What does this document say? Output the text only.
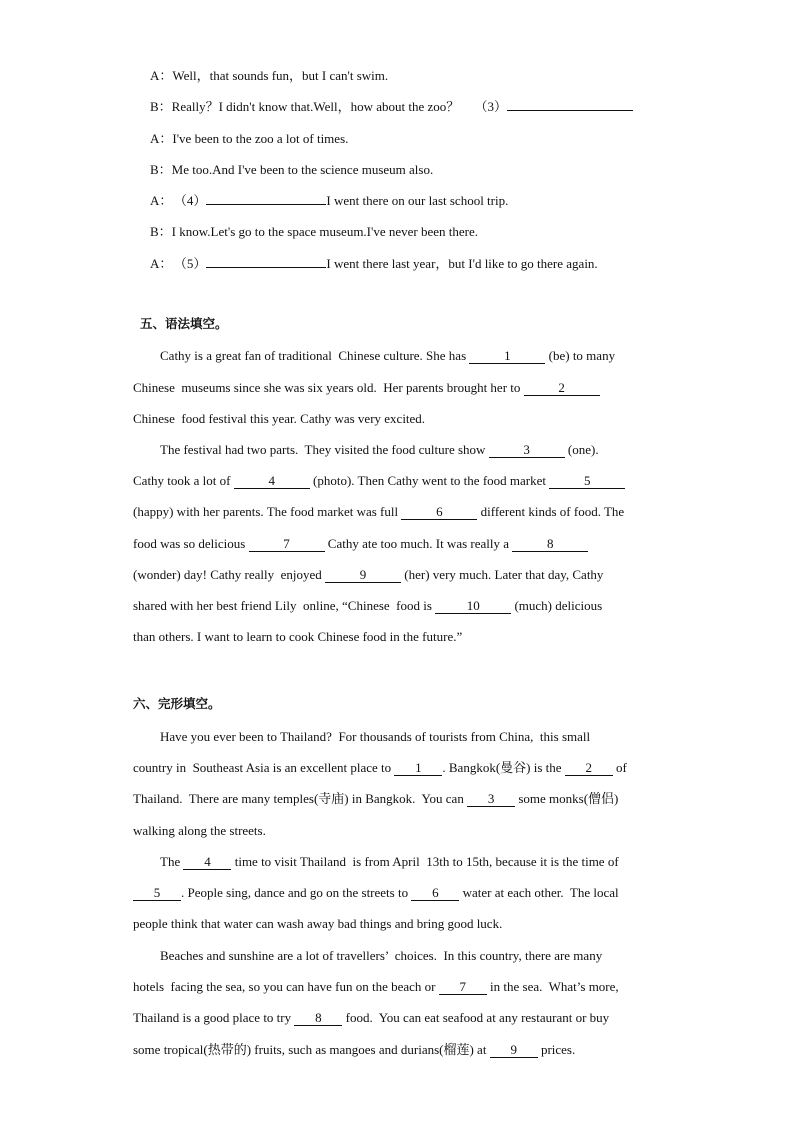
A：Well，that sounds fun，but I can't swim.
B：Really？I didn't know that.Well，how about the zoo？ （3）
A：I've been to the zoo a lot of times.
B：Me too.And I've been to the science museum also.
A： （4）	I went there on our last school trip.
B：I know.Let's go to the space museum.I've never been there.
A： （5）	I went there last year，but I'd like to go there again.
五、语法填空。
Cathy is a great fan of traditional  Chinese culture. She has	1	(be) to many
Chinese  museums since she was six years old.  Her parents brought her to	2
Chinese  food festival this year. Cathy was very excited.
The festival had two parts.  They visited the food culture show	3	(one).
Cathy took a lot of	4	(photo). Then Cathy went to the food market	5
(happy) with her parents. The food market was full	6	different kinds of food. The
food was so delicious	7	Cathy ate too much. It was really a	8
(wonder) day! Cathy really  enjoyed	9	(her) very much. Later that day, Cathy
shared with her best friend Lily  online, “Chinese  food is 10 (much) delicious
than others. I want to learn to cook Chinese food in the future.”
六、完形填空。
Have you ever been to Thailand?  For thousands of tourists from China,  this small
country in  Southeast Asia is an excellent place to 1 . Bangkok(曼谷) is the 2 of
Thailand.  There are many temples(寺庙) in Bangkok.  You can 3 some monks(僧侣)
walking along the streets.
The 4 time to visit Thailand  is from April  13th to 15th, because it is the time of
5 . People sing, dance and go on the streets to 6 water at each other.  The local
people think that water can wash away bad things and bring good luck.
Beaches and sunshine are a lot of travellers’  choices.  In this country, there are many
hotels  facing the sea, so you can have fun on the beach or 7 in the sea.  What’s more,
Thailand is a good place to try 8 food.  You can eat seafood at any restaurant or buy
some tropical(热带的) fruits, such as mangoes and durians(榴莲) at 9 prices.
